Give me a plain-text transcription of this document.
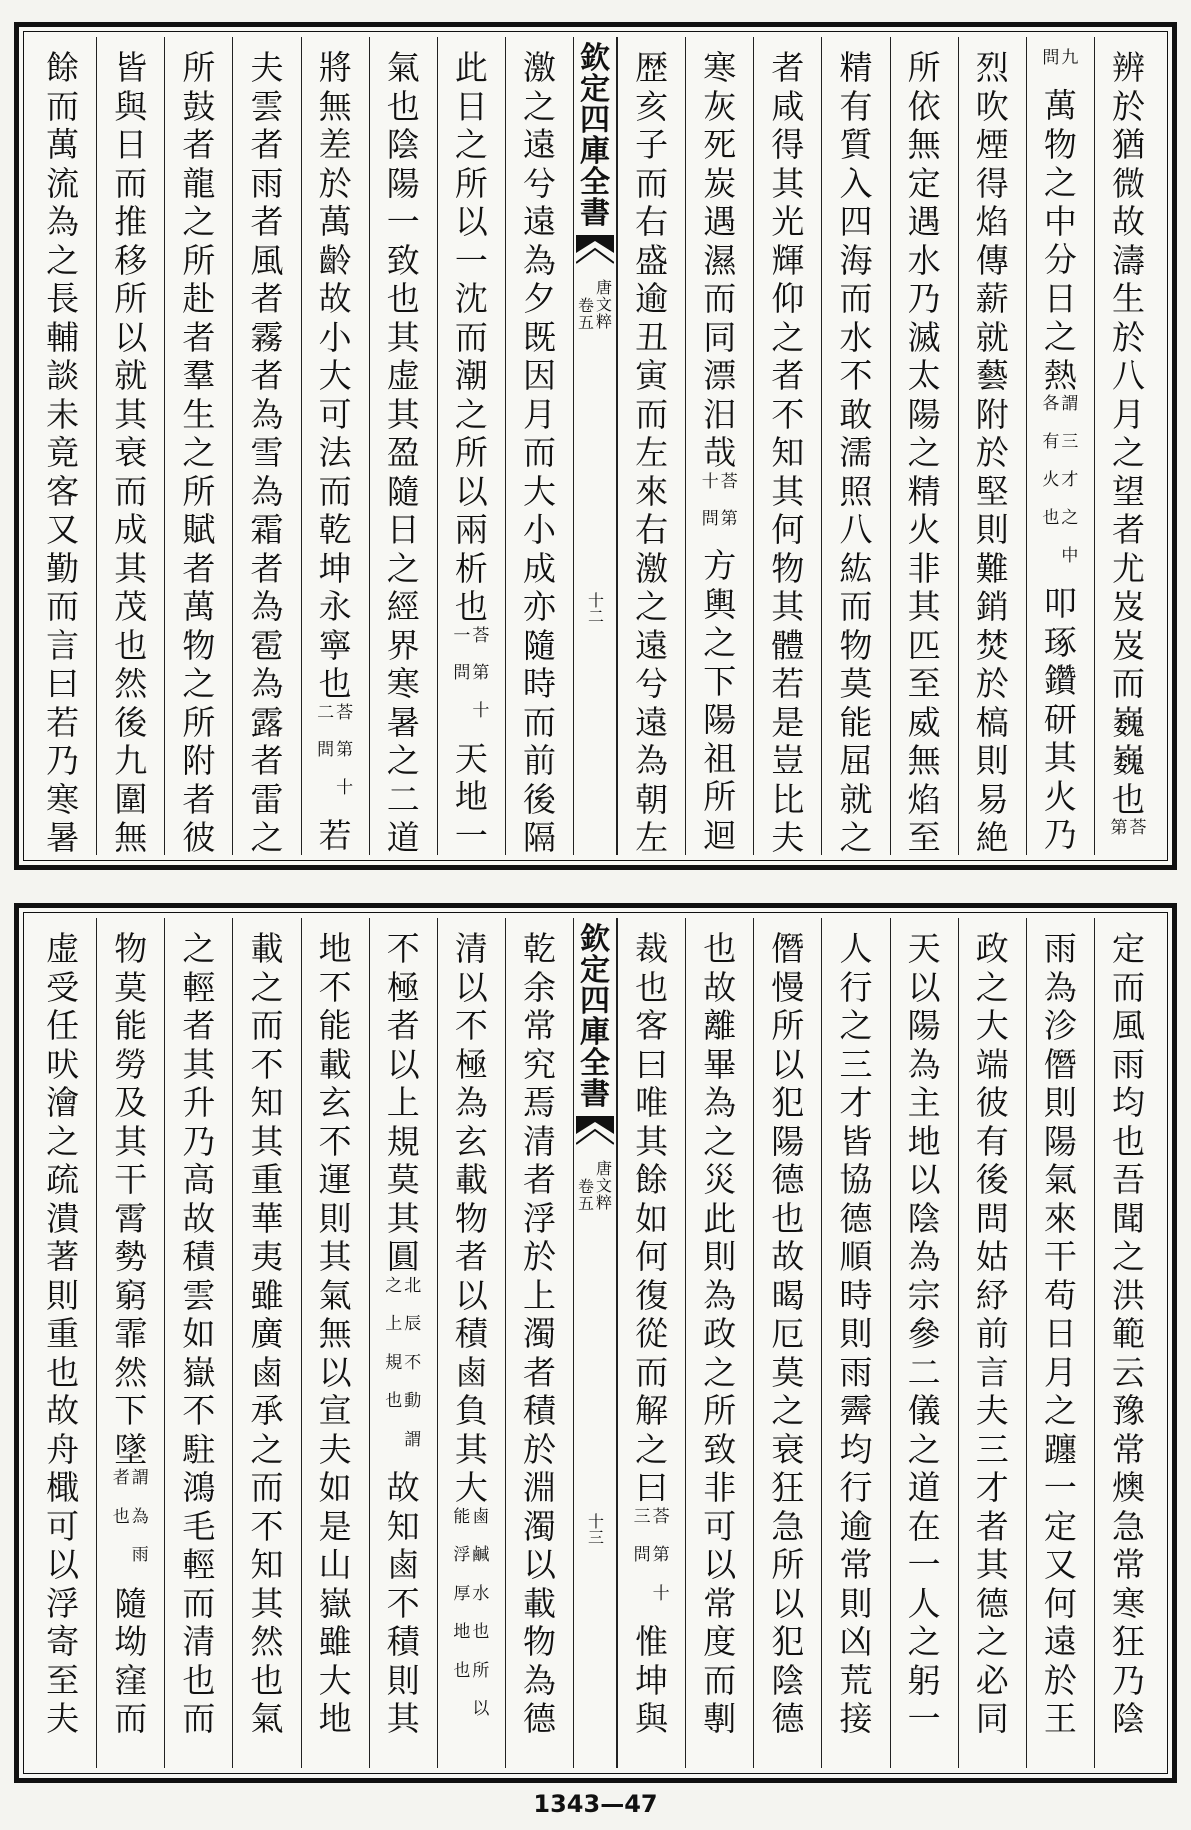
辨
於
猶
微
故
濤
生
於
八
月
之
望
者
尤
岌
岌
而
巍
巍
也
荅
第
九
問
萬
物
之
中
分
日
之
熱
謂
各
三
有
才
火
之
也
中
叩
琢
鑽
研
其
火
乃
烈
吹
煙
得
焰
傳
薪
就
藝
附
於
堅
則
難
銷
焚
於
槁
則
易
絶
所
依
無
定
遇
水
乃
滅
太
陽
之
精
火
非
其
匹
至
威
無
焰
至
精
有
質
入
四
海
而
水
不
敢
濡
照
八
紘
而
物
莫
能
屈
就
之
者
咸
得
其
光
輝
仰
之
者
不
知
其
何
物
其
體
若
是
豈
比
夫
寒
灰
死
炭
遇
濕
而
同
漂
汨
哉
荅
十
第
問
方
輿
之
下
陽
祖
所
迴
歴
亥
子
而
右
盛
逾
丑
寅
而
左
來
右
激
之
遠
兮
遠
為
朝
左
欽
定
四
庫
全
書
唐
文
粹
卷
五
十二
激
之
遠
兮
遠
為
夕
既
因
月
而
大
小
成
亦
隨
時
而
前
後
隔
此
日
之
所
以
一
沈
而
潮
之
所
以
兩
析
也
荅
一
第
問
十
天
地
一
氣
也
陰
陽
一
致
也
其
虚
其
盈
隨
日
之
經
界
寒
暑
之
二
道
將
無
差
於
萬
齡
故
小
大
可
法
而
乾
坤
永
寧
也
荅
二
第
問
十
若
夫
雲
者
雨
者
風
者
霧
者
為
雪
為
霜
者
為
雹
為
露
者
雷
之
所
鼓
者
龍
之
所
赴
者
羣
生
之
所
賦
者
萬
物
之
所
附
者
彼
皆
與
日
而
推
移
所
以
就
其
衰
而
成
其
茂
也
然
後
九
圍
無
餘
而
萬
流
為
之
長
輔
談
未
竟
客
又
勤
而
言
曰
若
乃
寒
暑
定
而
風
雨
均
也
吾
聞
之
洪
範
云
豫
常
燠
急
常
寒
狂
乃
陰
雨
為
沴
僭
則
陽
氣
來
干
苟
日
月
之
躔
一
定
又
何
遠
於
王
政
之
大
端
彼
有
後
問
姑
紓
前
言
夫
三
才
者
其
德
之
必
同
天
以
陽
為
主
地
以
陰
為
宗
參
二
儀
之
道
在
一
人
之
躬
一
人
行
之
三
才
皆
協
德
順
時
則
雨
霽
均
行
逾
常
則
凶
荒
接
僭
慢
所
以
犯
陽
德
也
故
暍
厄
莫
之
衰
狂
急
所
以
犯
陰
德
也
故
離
畢
為
之
災
此
則
為
政
之
所
致
非
可
以
常
度
而
剸
裁
也
客
曰
唯
其
餘
如
何
復
從
而
解
之
曰
荅
三
第
問
十
惟
坤
與
欽
定
四
庫
全
書
唐
文
粹
卷
五
十三
乾
余
常
究
焉
清
者
浮
於
上
濁
者
積
於
淵
濁
以
載
物
為
德
清
以
不
極
為
玄
載
物
者
以
積
鹵
負
其
大
鹵
能
鹹
浮
水
厚
也
地
所
也
以
不
極
者
以
上
規
莫
其
圓
北
之
辰
上
不
規
動
也
謂
故
知
鹵
不
積
則
其
地
不
能
載
玄
不
運
則
其
氣
無
以
宣
夫
如
是
山
嶽
雖
大
地
載
之
而
不
知
其
重
華
夷
雖
廣
鹵
承
之
而
不
知
其
然
也
氣
之
輕
者
其
升
乃
高
故
積
雲
如
嶽
不
駐
鴻
毛
輕
而
清
也
而
物
莫
能
勞
及
其
干
霄
勢
窮
霏
然
下
墜
謂
者
為
也
雨
隨
坳
窪
而
虚
受
任
吠
澮
之
疏
潰
著
則
重
也
故
舟
檝
可
以
浮
寄
至
夫
1343—47
